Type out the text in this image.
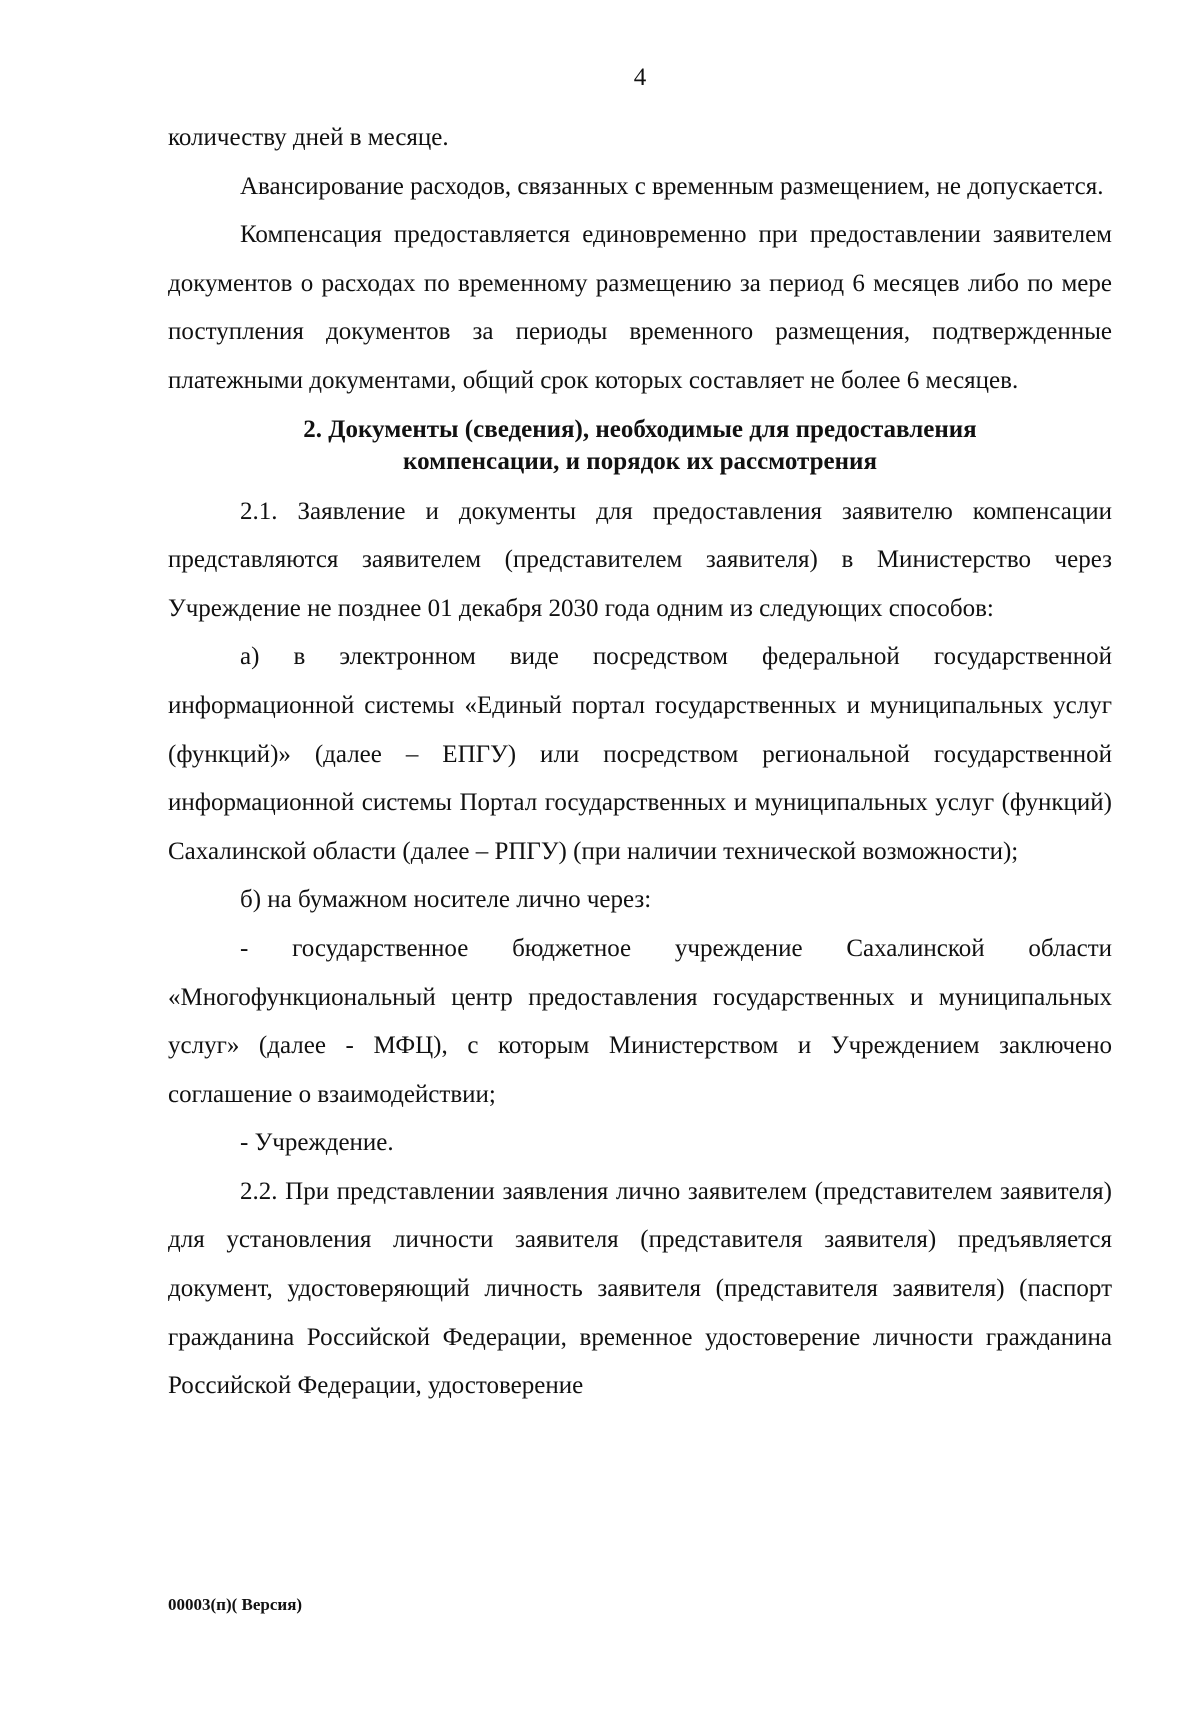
4

количеству дней в месяце.

Авансирование расходов, связанных с временным размещением, не допускается.

Компенсация предоставляется единовременно при предоставлении заявителем документов о расходах по временному размещению за период 6 месяцев либо по мере поступления документов за периоды временного размещения, подтвержденные платежными документами, общий срок которых составляет не более 6 месяцев.

2. Документы (сведения), необходимые для предоставления
компенсации, и порядок их рассмотрения

2.1. Заявление и документы для предоставления заявителю компенсации представляются заявителем (представителем заявителя) в Министерство через Учреждение не позднее 01 декабря 2030 года одним из следующих способов:

а) в электронном виде посредством федеральной государственной информационной системы «Единый портал государственных и муниципальных услуг (функций)» (далее – ЕПГУ) или посредством региональной государственной информационной системы Портал государственных и муниципальных услуг (функций) Сахалинской области (далее – РПГУ) (при наличии технической возможности);

б) на бумажном носителе лично через:

- государственное бюджетное учреждение Сахалинской области «Многофункциональный центр предоставления государственных и муниципальных услуг» (далее - МФЦ), с которым Министерством и Учреждением заключено соглашение о взаимодействии;

- Учреждение.

2.2. При представлении заявления лично заявителем (представителем заявителя) для установления личности заявителя (представителя заявителя) предъявляется документ, удостоверяющий личность заявителя (представителя заявителя) (паспорт гражданина Российской Федерации, временное удостоверение личности гражданина Российской Федерации, удостоверение

00003(п)( Версия)
